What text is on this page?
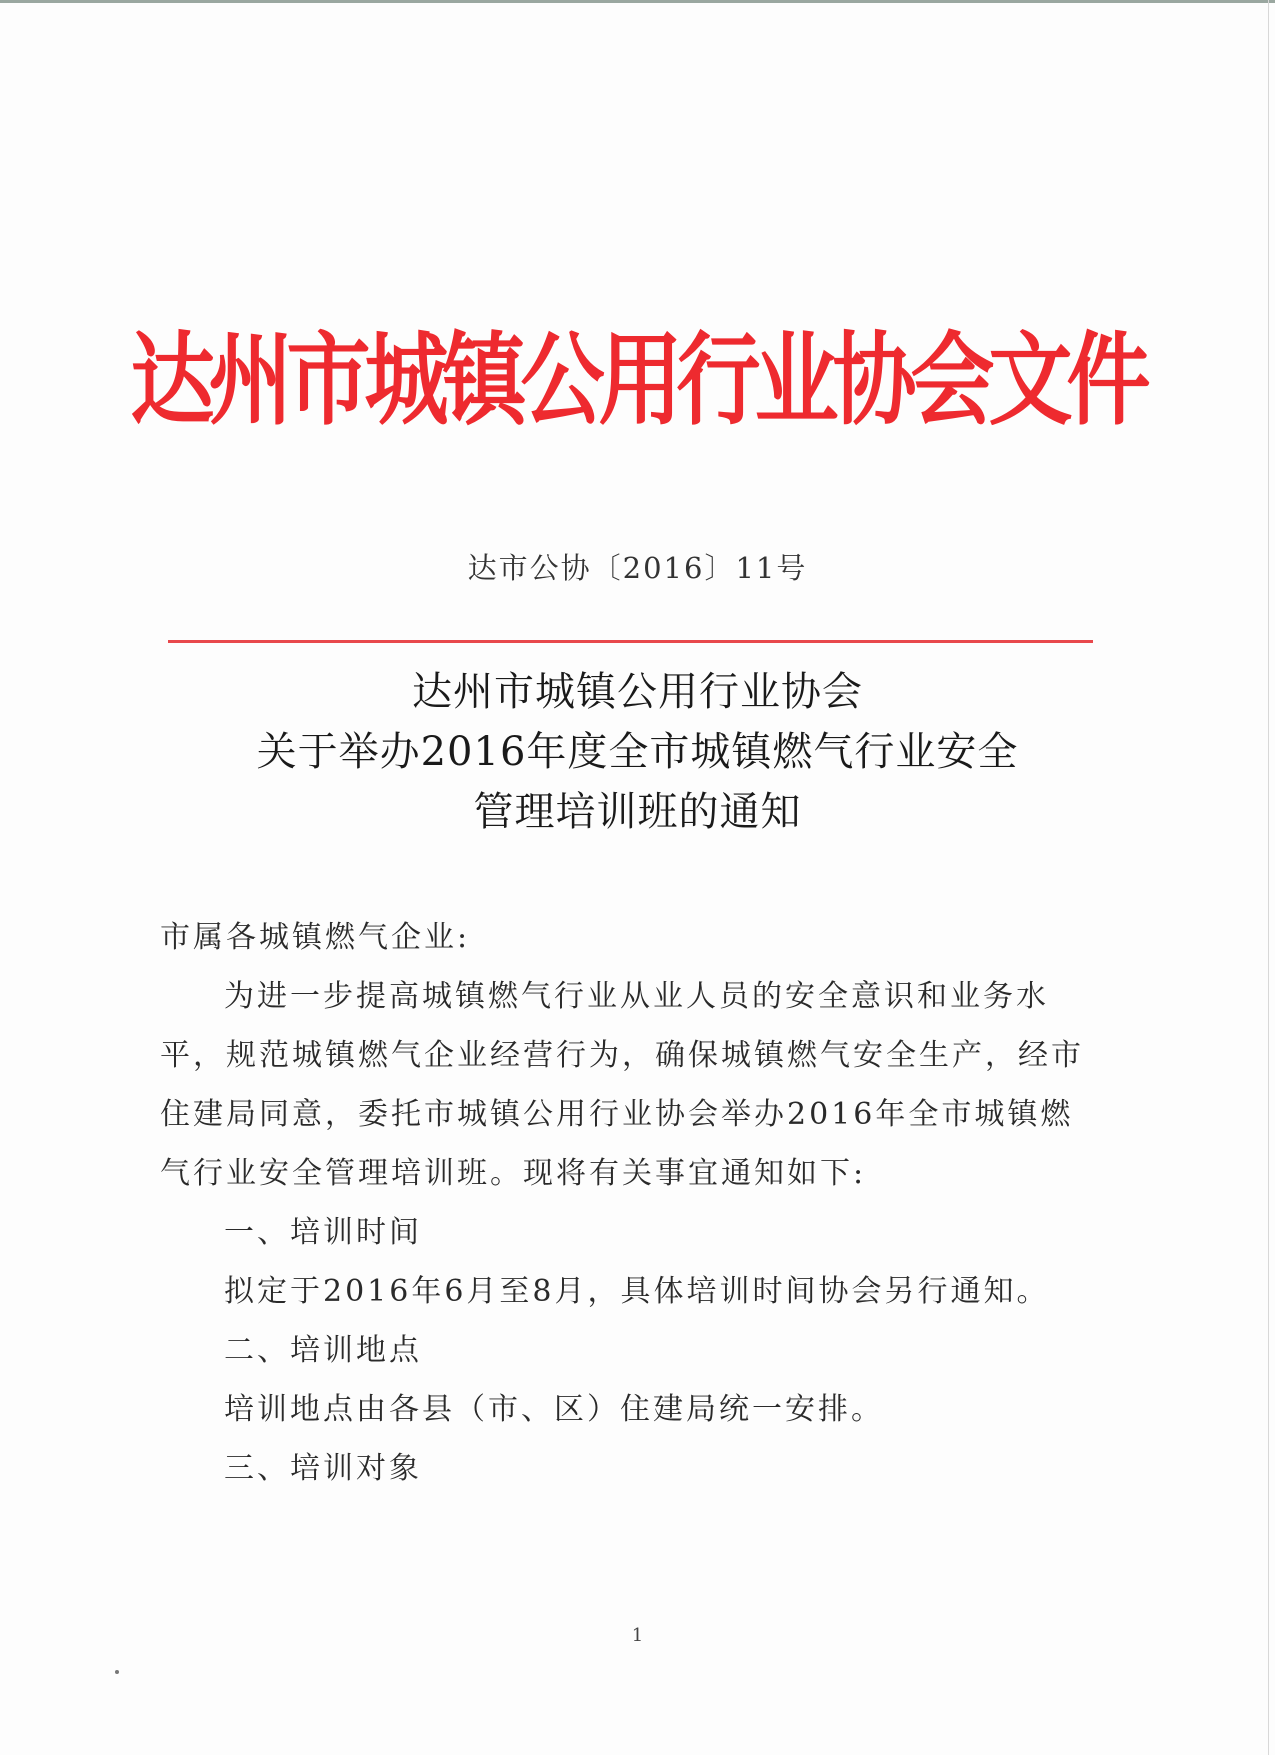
达州市城镇公用行业协会文件
达市公协〔2016〕11号
达州市城镇公用行业协会
关于举办2016年度全市城镇燃气行业安全
管理培训班的通知

市属各城镇燃气企业:

为进一步提高城镇燃气行业从业人员的安全意识和业务水

平，规范城镇燃气企业经营行为，确保城镇燃气安全生产，经市

住建局同意，委托市城镇公用行业协会举办2016年全市城镇燃

气行业安全管理培训班。现将有关事宜通知如下:

一、培训时间

拟定于2016年6月至8月，具体培训时间协会另行通知。

二、培训地点

培训地点由各县（市、区）住建局统一安排。

三、培训对象

1
